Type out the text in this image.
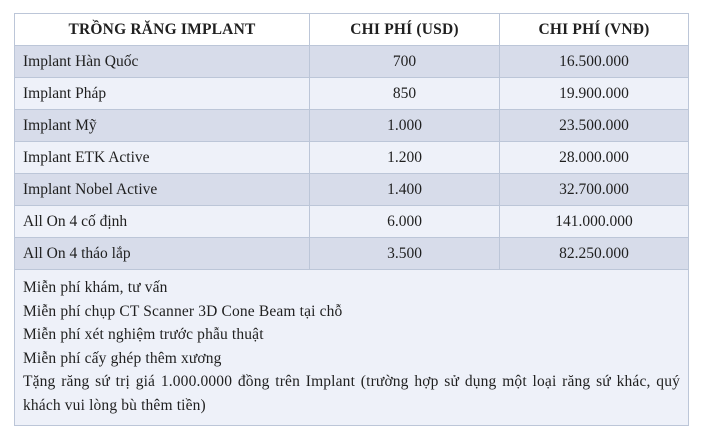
TRỒNG RĂNG IMPLANT	CHI PHÍ (USD)	CHI PHÍ (VNĐ)
Implant Hàn Quốc	700	16.500.000
Implant Pháp	850	19.900.000
Implant Mỹ	1.000	23.500.000
Implant ETK Active	1.200	28.000.000
Implant Nobel Active	1.400	32.700.000
All On 4 cố định	6.000	141.000.000
All On 4 tháo lắp	3.500	82.250.000

Miễn phí khám, tư vấn
Miễn phí chụp CT Scanner 3D Cone Beam tại chỗ
Miễn phí xét nghiệm trước phẫu thuật
Miễn phí cấy ghép thêm xương
Tặng răng sứ trị giá 1.000.0000 đồng trên Implant (trường hợp sử dụng một loại răng sứ khác, quý khách vui lòng bù thêm tiền)		
